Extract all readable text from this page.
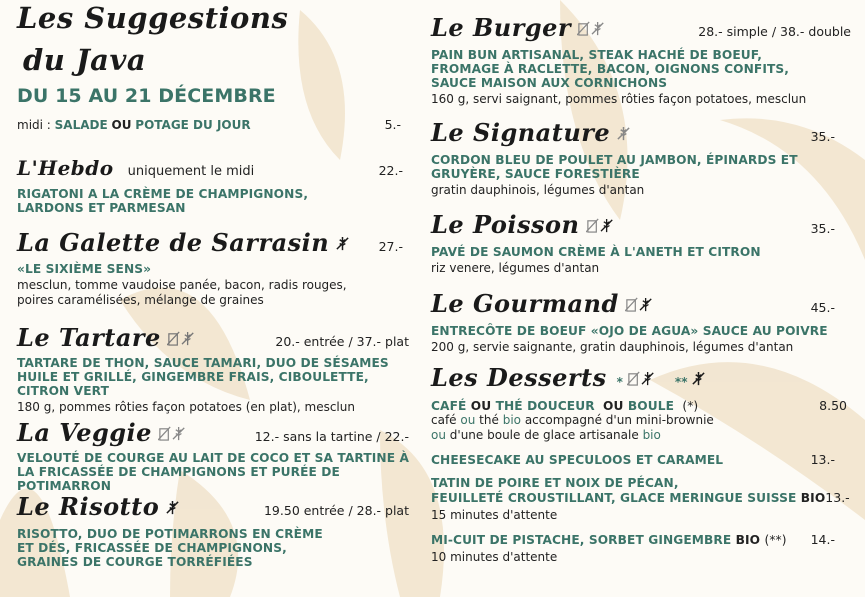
Les Suggestions
du Java
DU 15 AU 21 DÉCEMBRE
midi : SALADE OU POTAGE DU JOUR	5.-
L'Hebdo uniquement le midi	22.-
RIGATONI A LA CRÈME DE CHAMPIGNONS, LARDONS ET PARMESAN
La Galette de Sarrasin	27.-
«LE SIXIÈME SENS»
mesclun, tomme vaudoise panée, bacon, radis rouges, poires caramélisées, mélange de graines
Le Tartare	20.- entrée / 37.- plat
TARTARE DE THON, SAUCE TAMARI, DUO DE SÉSAMES HUILE ET GRILLÉ, GINGEMBRE FRAIS, CIBOULETTE, CITRON VERT
180 g, pommes rôties façon potatoes (en plat), mesclun
La Veggie	12.- sans la tartine / 22.-
VELOUTÉ DE COURGE AU LAIT DE COCO ET SA TARTINE À LA FRICASSÉE DE CHAMPIGNONS ET PURÉE DE POTIMARRON
Le Risotto	19.50 entrée / 28.- plat
RISOTTO, DUO DE POTIMARRONS EN CRÈME ET DÉS, FRICASSÉE DE CHAMPIGNONS, GRAINES DE COURGE TORRÉFIÉES
Le Burger	28.- simple / 38.- double
PAIN BUN ARTISANAL, STEAK HACHÉ DE BOEUF, FROMAGE À RACLETTE, BACON, OIGNONS CONFITS, SAUCE MAISON AUX CORNICHONS
160 g, servi saignant, pommes rôties façon potatoes, mesclun
Le Signature	35.-
CORDON BLEU DE POULET AU JAMBON, ÉPINARDS ET GRUYÈRE, SAUCE FORESTIÈRE
gratin dauphinois, légumes d'antan
Le Poisson	35.-
PAVÉ DE SAUMON CRÈME À L'ANETH ET CITRON
riz venere, légumes d'antan
Le Gourmand	45.-
ENTRECÔTE DE BOEUF «OJO DE AGUA» SAUCE AU POIVRE
200 g, servie saignante, gratin dauphinois, légumes d'antan
Les Desserts *	**
CAFÉ OU THÉ DOUCEUR OU BOULE (*)	8.50
café ou thé bio accompagné d'un mini-brownie
ou d'une boule de glace artisanale bio
CHEESECAKE AU SPECULOOS ET CARAMEL	13.-
TATIN DE POIRE ET NOIX DE PÉCAN,
FEUILLETÉ CROUSTILLANT, GLACE MERINGUE SUISSE BIO 13.-
15 minutes d'attente
MI-CUIT DE PISTACHE, SORBET GINGEMBRE BIO (**) 14.-
10 minutes d'attente
